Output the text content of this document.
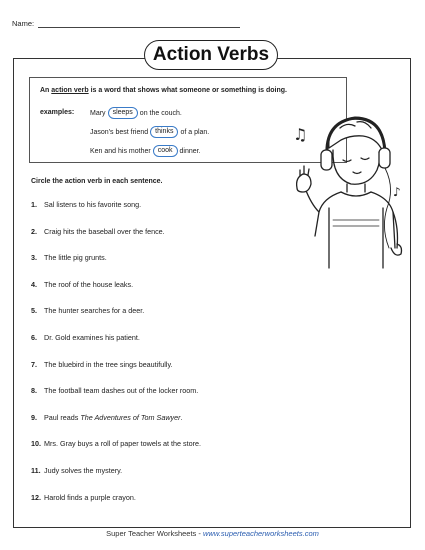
Name:
Action Verbs
An action verb is a word that shows what someone or something is doing.
examples: Mary	sleeps	on the couch.
Jason's best friend	thinks	of a plan.
Ken and his mother	cook	dinner.
♫
♪
Circle the action verb in each sentence.
1. Sal listens to his favorite song.
2. Craig hits the baseball over the fence.
3. The little pig grunts.
4. The roof of the house leaks.
5. The hunter searches for a deer.
6. Dr. Gold examines his patient.
7. The bluebird in the tree sings beautifully.
8. The football team dashes out of the locker room.
9. Paul reads The Adventures of Tom Sawyer.
10. Mrs. Gray buys a roll of paper towels at the store.
11. Judy solves the mystery.
12. Harold finds a purple crayon.
Super Teacher Worksheets - www.superteacherworksheets.com
